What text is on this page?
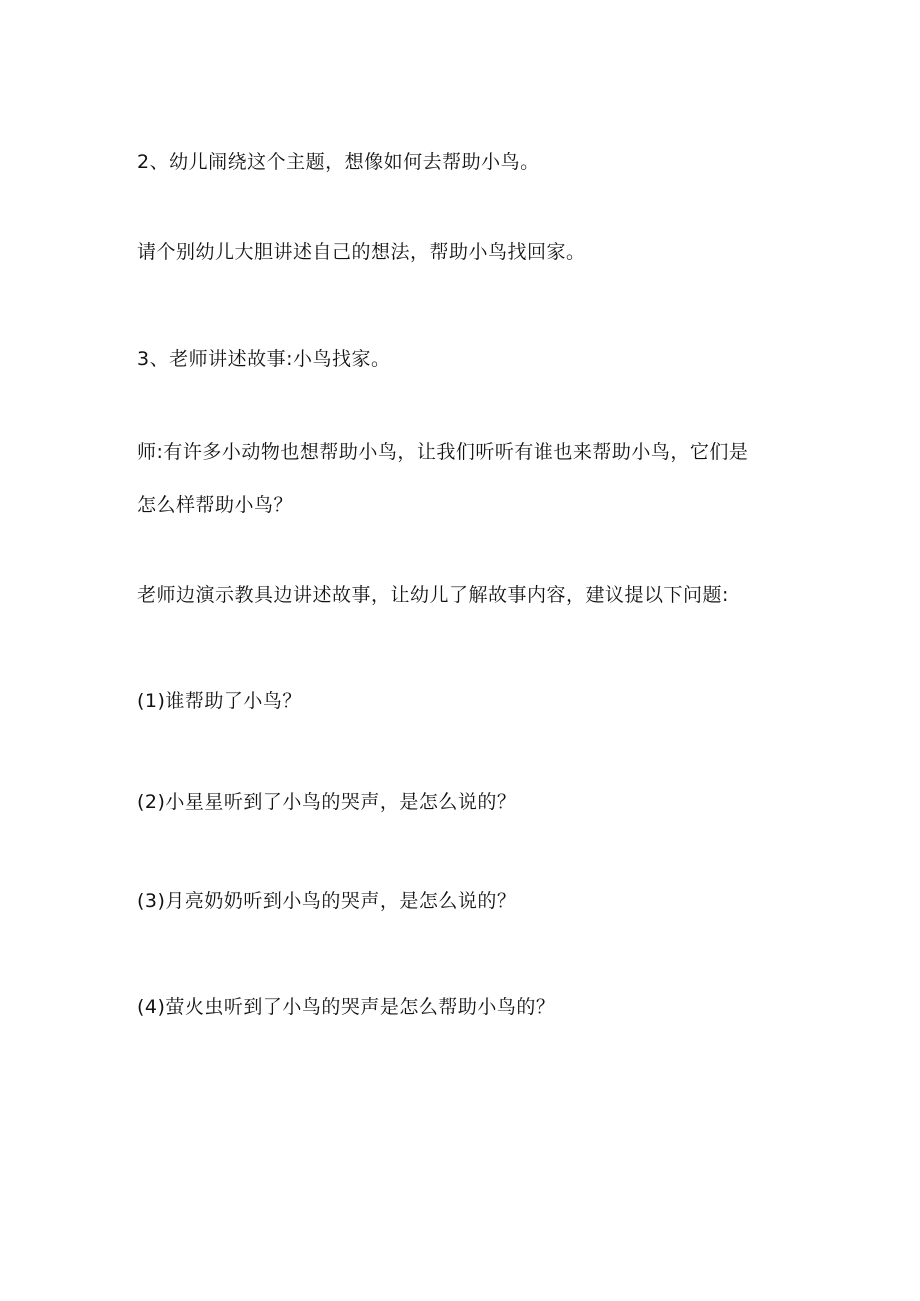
2、幼儿闹绕这个主题，想像如何去帮助小鸟。
请个别幼儿大胆讲述自己的想法，帮助小鸟找回家。
3、老师讲述故事:小鸟找家。
师:有许多小动物也想帮助小鸟，让我们听听有谁也来帮助小鸟，它们是
怎么样帮助小鸟？
老师边演示教具边讲述故事，让幼儿了解故事内容，建议提以下问题:
(1)谁帮助了小鸟？
(2)小星星听到了小鸟的哭声，是怎么说的？
(3)月亮奶奶听到小鸟的哭声，是怎么说的？
(4)萤火虫听到了小鸟的哭声是怎么帮助小鸟的？
